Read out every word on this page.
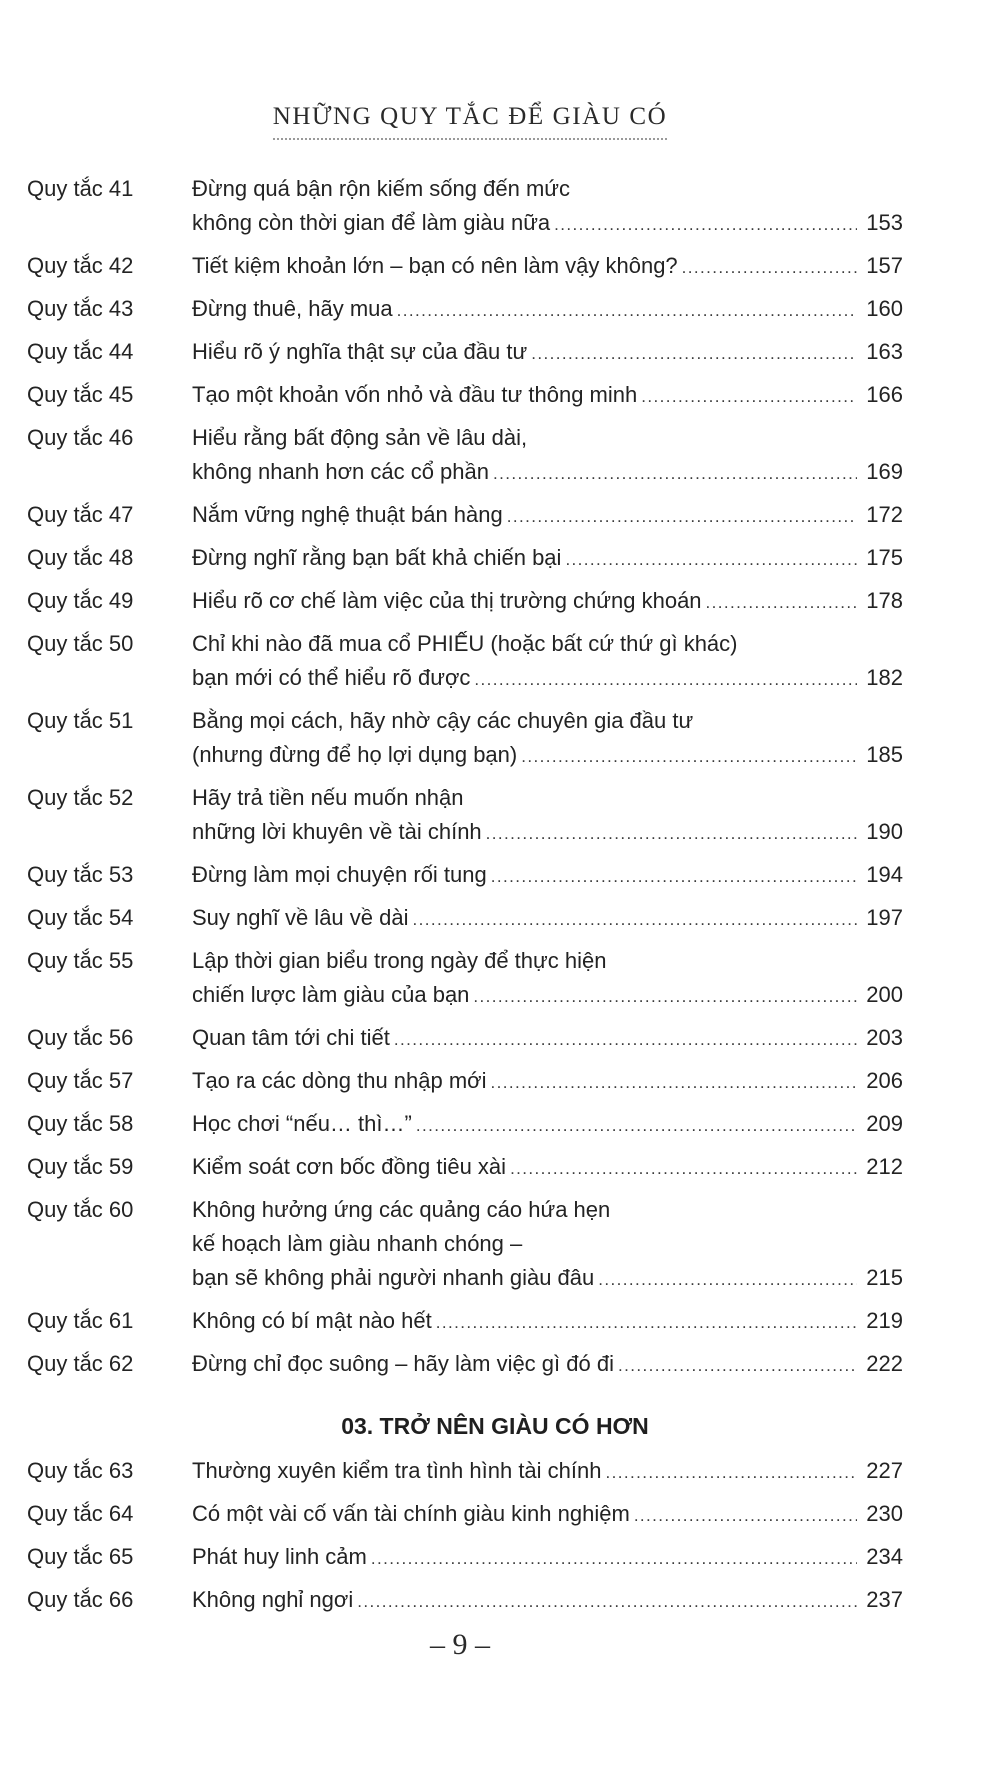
NHỮNG QUY TẮC ĐỂ GIÀU CÓ
Quy tắc 41	Đừng quá bận rộn kiếm sống đến mức
không còn thời gian để làm giàu nữa .....	153
Quy tắc 42	Tiết kiệm khoản lớn – bạn có nên làm vậy không? .....	157
Quy tắc 43	Đừng thuê, hãy mua .....	160
Quy tắc 44	Hiểu rõ ý nghĩa thật sự của đầu tư .....	163
Quy tắc 45	Tạo một khoản vốn nhỏ và đầu tư thông minh .....	166
Quy tắc 46	Hiểu rằng bất động sản về lâu dài,
không nhanh hơn các cổ phần .....	169
Quy tắc 47	Nắm vững nghệ thuật bán hàng .....	172
Quy tắc 48	Đừng nghĩ rằng bạn bất khả chiến bại .....	175
Quy tắc 49	Hiểu rõ cơ chế làm việc của thị trường chứng khoán .....	178
Quy tắc 50	Chỉ khi nào đã mua cổ PHIẾU (hoặc bất cứ thứ gì khác)
bạn mới có thể hiểu rõ được .....	182
Quy tắc 51	Bằng mọi cách, hãy nhờ cậy các chuyên gia đầu tư
(nhưng đừng để họ lợi dụng bạn) .....	185
Quy tắc 52	Hãy trả tiền nếu muốn nhận
những lời khuyên về tài chính .....	190
Quy tắc 53	Đừng làm mọi chuyện rối tung .....	194
Quy tắc 54	Suy nghĩ về lâu về dài .....	197
Quy tắc 55	Lập thời gian biểu trong ngày để thực hiện
chiến lược làm giàu của bạn .....	200
Quy tắc 56	Quan tâm tới chi tiết .....	203
Quy tắc 57	Tạo ra các dòng thu nhập mới .....	206
Quy tắc 58	Học chơi “nếu… thì…” .....	209
Quy tắc 59	Kiểm soát cơn bốc đồng tiêu xài .....	212
Quy tắc 60	Không hưởng ứng các quảng cáo hứa hẹn
kế hoạch làm giàu nhanh chóng –
bạn sẽ không phải người nhanh giàu đâu .....	215
Quy tắc 61	Không có bí mật nào hết .....	219
Quy tắc 62	Đừng chỉ đọc suông – hãy làm việc gì đó đi .....	222
03. TRỞ NÊN GIÀU CÓ HƠN
Quy tắc 63	Thường xuyên kiểm tra tình hình tài chính .....	227
Quy tắc 64	Có một vài cố vấn tài chính giàu kinh nghiệm .....	230
Quy tắc 65	Phát huy linh cảm .....	234
Quy tắc 66	Không nghỉ ngơi .....	237
– 9 –
